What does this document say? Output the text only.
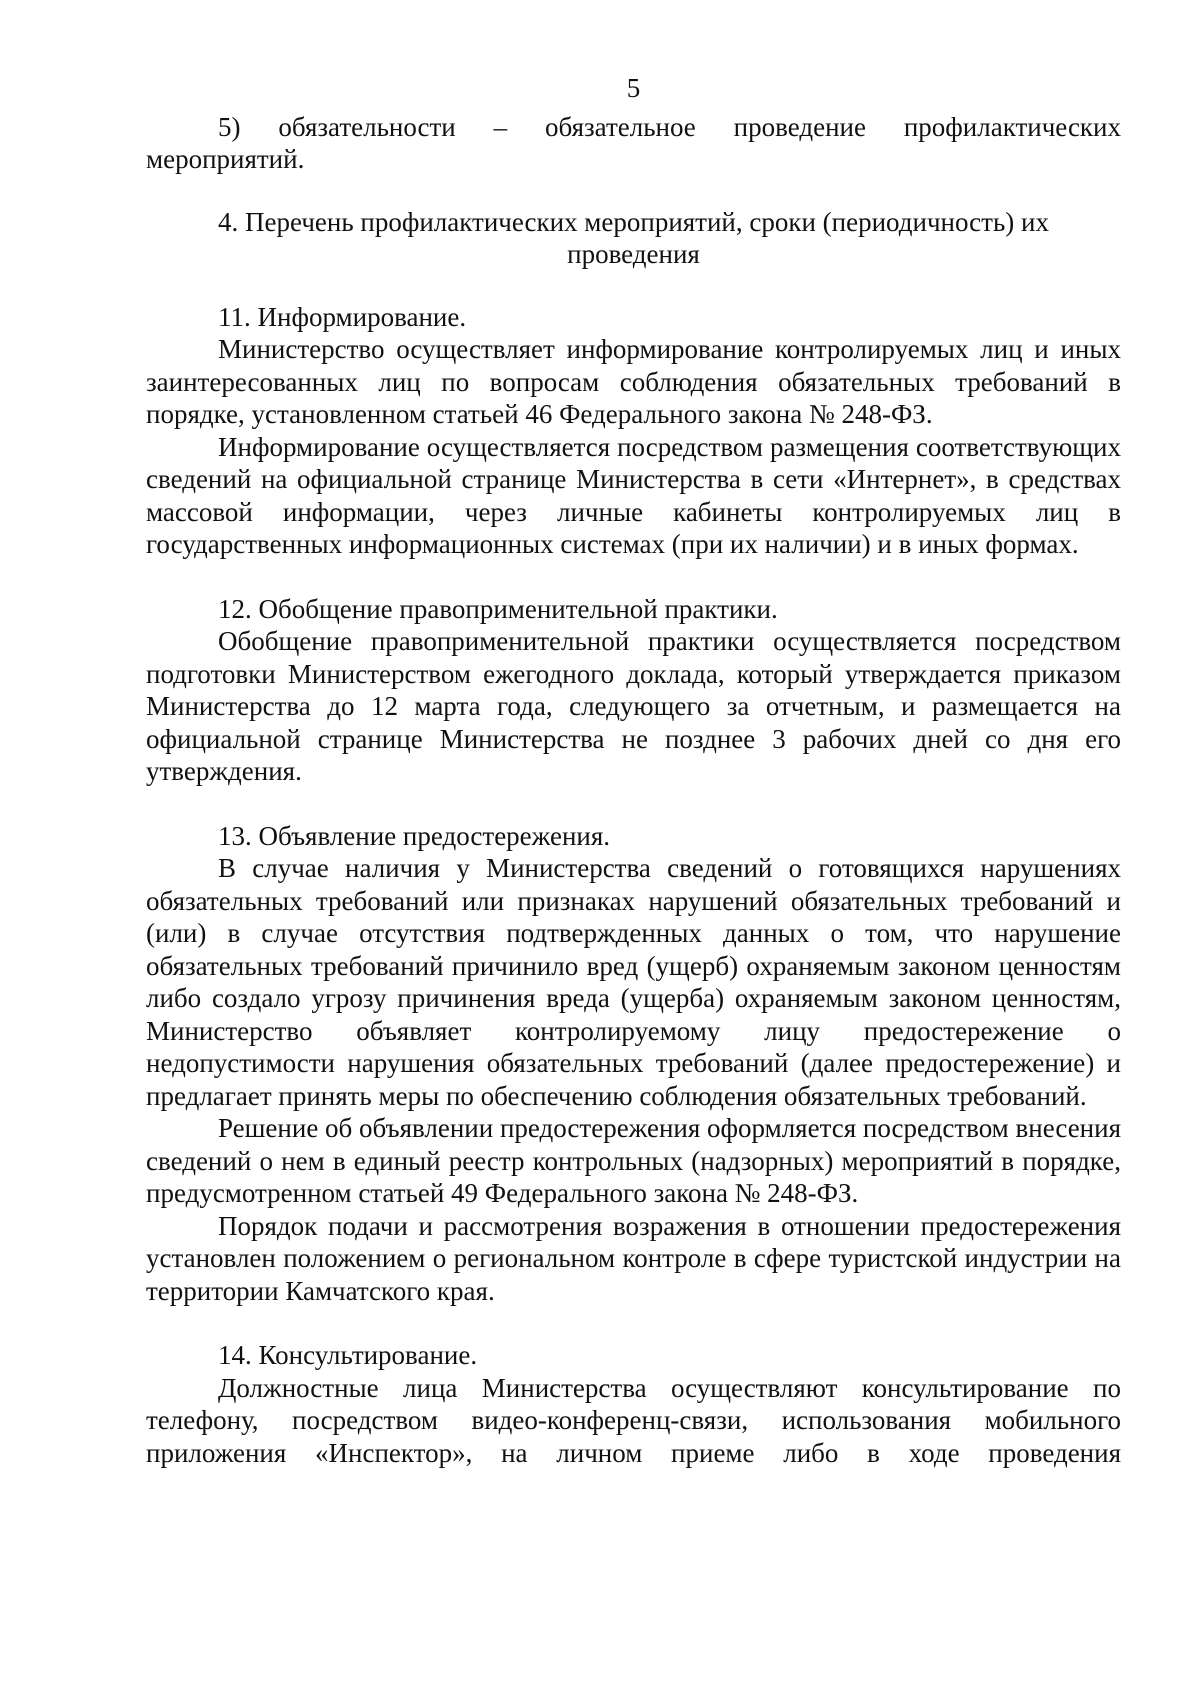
5

5) обязательности – обязательное проведение профилактических мероприятий.

4. Перечень профилактических мероприятий, сроки (периодичность) их проведения

11. Информирование.

Министерство осуществляет информирование контролируемых лиц и иных заинтересованных лиц по вопросам соблюдения обязательных требований в порядке, установленном статьей 46 Федерального закона № 248-ФЗ.

Информирование осуществляется посредством размещения соответствующих сведений на официальной странице Министерства в сети «Интернет», в средствах массовой информации, через личные кабинеты контролируемых лиц в государственных информационных системах (при их наличии) и в иных формах.

12. Обобщение правоприменительной практики.

Обобщение правоприменительной практики осуществляется посредством подготовки Министерством ежегодного доклада, который утверждается приказом Министерства до 12 марта года, следующего за отчетным, и размещается на официальной странице Министерства не позднее 3 рабочих дней со дня его утверждения.

13. Объявление предостережения.

В случае наличия у Министерства сведений о готовящихся нарушениях обязательных требований или признаках нарушений обязательных требований и (или) в случае отсутствия подтвержденных данных о том, что нарушение обязательных требований причинило вред (ущерб) охраняемым законом ценностям либо создало угрозу причинения вреда (ущерба) охраняемым законом ценностям, Министерство объявляет контролируемому лицу предостережение о недопустимости нарушения обязательных требований (далее предостережение) и предлагает принять меры по обеспечению соблюдения обязательных требований.

Решение об объявлении предостережения оформляется посредством внесения сведений о нем в единый реестр контрольных (надзорных) мероприятий в порядке, предусмотренном статьей 49 Федерального закона № 248-ФЗ.

Порядок подачи и рассмотрения возражения в отношении предостережения установлен положением о региональном контроле в сфере туристской индустрии на территории Камчатского края.

14. Консультирование.

Должностные лица Министерства осуществляют консультирование по телефону, посредством видео-конференц-связи, использования мобильного приложения «Инспектор», на личном приеме либо в ходе проведения
